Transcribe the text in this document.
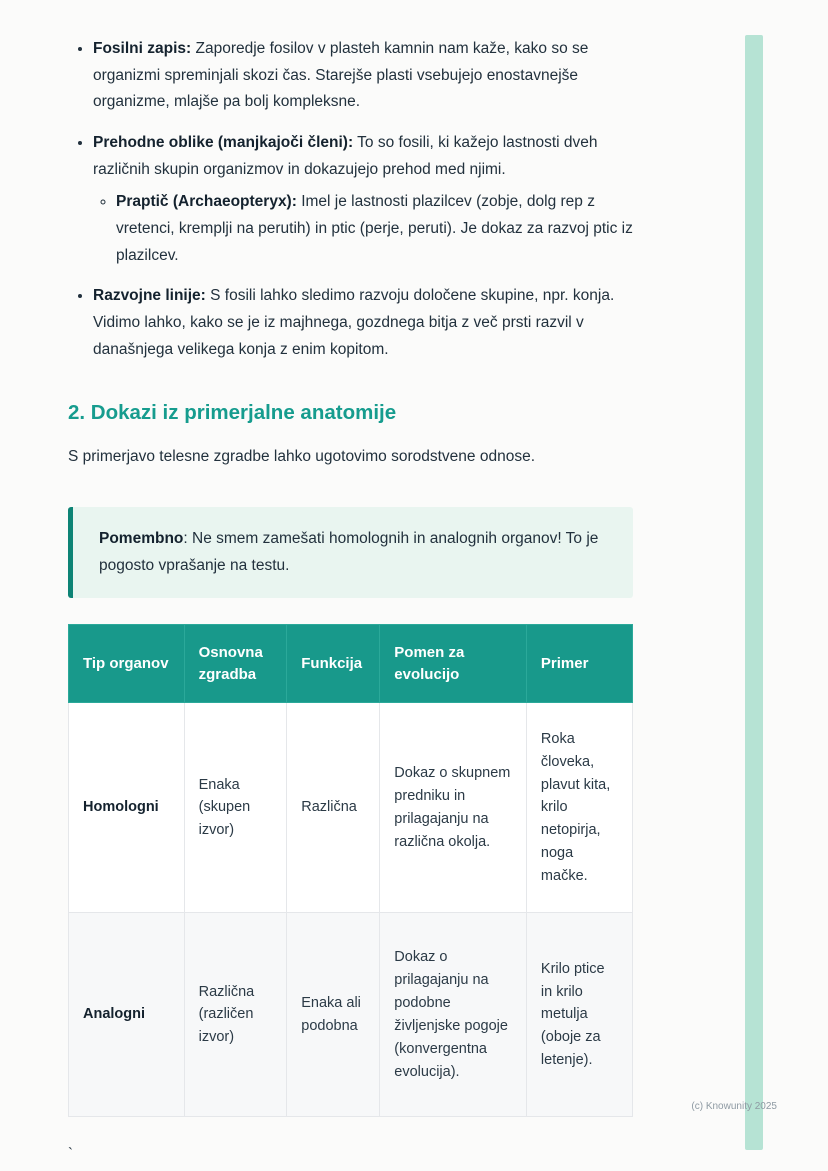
• Fosilni zapis: Zaporedje fosilov v plasteh kamnin nam kaže, kako so se organizmi spreminjali skozi čas. Starejše plasti vsebujejo enostavnejše organizme, mlajše pa bolj kompleksne.
• Prehodne oblike (manjkajoči členi): To so fosili, ki kažejo lastnosti dveh različnih skupin organizmov in dokazujejo prehod med njimi.
◦ Praptič (Archaeopteryx): Imel je lastnosti plazilcev (zobje, dolg rep z vretenci, kremplji na perutih) in ptic (perje, peruti). Je dokaz za razvoj ptic iz plazilcev.
• Razvojne linije: S fosili lahko sledimo razvoju določene skupine, npr. konja. Vidimo lahko, kako se je iz majhnega, gozdnega bitja z več prsti razvil v današnjega velikega konja z enim kopitom.
2. Dokazi iz primerjalne anatomije

S primerjavo telesne zgradbe lahko ugotovimo sorodstvene odnose.

Pomembno: Ne smem zamešati homolognih in analognih organov! To je pogosto vprašanje na testu.

Tip organov	Osnovna zgradba	Funkcija	Pomen za evolucijo	Primer
Homologni	Enaka (skupen izvor)	Različna	Dokaz o skupnem predniku in prilagajanju na različna okolja.	Roka človeka, plavut kita, krilo netopirja, noga mačke.
Analogni	Različna (različen izvor)	Enaka ali podobna	Dokaz o prilagajanju na podobne življenjske pogoje (konvergentna evolucija).	Krilo ptice in krilo metulja (oboje za letenje).
`
(c) Knowunity 2025
